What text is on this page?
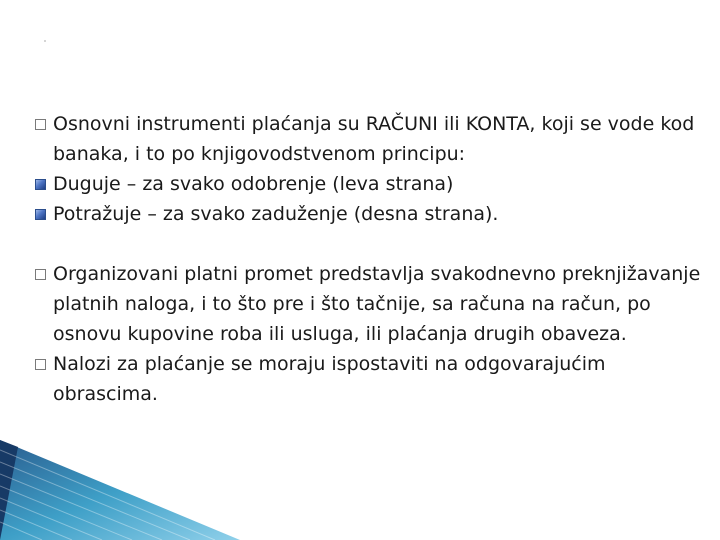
Osnovni instrumenti plaćanja su RAČUNI ili KONTA, koji se vode kod banaka, i to po knjigovodstvenom principu:
Duguje – za svako odobrenje (leva strana)
Potražuje – za svako zaduženje (desna strana).
Organizovani platni promet predstavlja svakodnevno preknjižavanje platnih naloga, i to što pre i što tačnije, sa računa na račun, po osnovu kupovine roba ili usluga, ili plaćanja drugih obaveza.
Nalozi za plaćanje se moraju ispostaviti na odgovarajućim obrascima.
